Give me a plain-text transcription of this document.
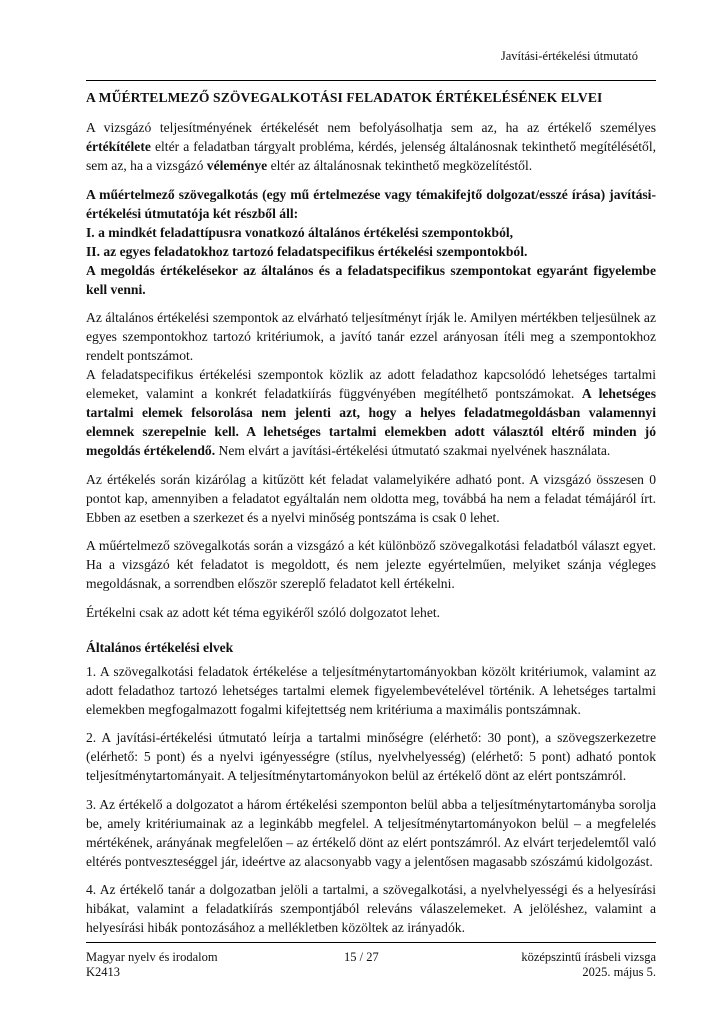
Javítási-értékelési útmutató
A MŰÉRTELMEZŐ SZÖVEGALKOTÁSI FELADATOK ÉRTÉKELÉSÉNEK ELVEI

A vizsgázó teljesítményének értékelését nem befolyásolhatja sem az, ha az értékelő személyes értékítélete eltér a feladatban tárgyalt probléma, kérdés, jelenség általánosnak tekinthető megítélésétől, sem az, ha a vizsgázó véleménye eltér az általánosnak tekinthető megközelítéstől.

A műértelmező szövegalkotás (egy mű értelmezése vagy témakifejtő dolgozat/esszé írása) javítási-értékelési útmutatója két részből áll:
I. a mindkét feladattípusra vonatkozó általános értékelési szempontokból,
II. az egyes feladatokhoz tartozó feladatspecifikus értékelési szempontokból.
A megoldás értékelésekor az általános és a feladatspecifikus szempontokat egyaránt figyelembe kell venni.

Az általános értékelési szempontok az elvárható teljesítményt írják le. Amilyen mértékben teljesülnek az egyes szempontokhoz tartozó kritériumok, a javító tanár ezzel arányosan ítéli meg a szempontokhoz rendelt pontszámot.

A feladatspecifikus értékelési szempontok közlik az adott feladathoz kapcsolódó lehetséges tartalmi elemeket, valamint a konkrét feladatkiírás függvényében megítélhető pontszámokat. A lehetséges tartalmi elemek felsorolása nem jelenti azt, hogy a helyes feladatmegoldásban valamennyi elemnek szerepelnie kell. A lehetséges tartalmi elemekben adott választól eltérő minden jó megoldás értékelendő. Nem elvárt a javítási-értékelési útmutató szakmai nyelvének használata.

Az értékelés során kizárólag a kitűzött két feladat valamelyikére adható pont. A vizsgázó összesen 0 pontot kap, amennyiben a feladatot egyáltalán nem oldotta meg, továbbá ha nem a feladat témájáról írt. Ebben az esetben a szerkezet és a nyelvi minőség pontszáma is csak 0 lehet.

A műértelmező szövegalkotás során a vizsgázó a két különböző szövegalkotási feladatból választ egyet. Ha a vizsgázó két feladatot is megoldott, és nem jelezte egyértelműen, melyiket szánja végleges megoldásnak, a sorrendben először szereplő feladatot kell értékelni.

Értékelni csak az adott két téma egyikéről szóló dolgozatot lehet.

Általános értékelési elvek

1. A szövegalkotási feladatok értékelése a teljesítménytartományokban közölt kritériumok, valamint az adott feladathoz tartozó lehetséges tartalmi elemek figyelembevételével történik. A lehetséges tartalmi elemekben megfogalmazott fogalmi kifejtettség nem kritériuma a maximális pontszámnak.

2. A javítási-értékelési útmutató leírja a tartalmi minőségre (elérhető: 30 pont), a szövegszerkezetre (elérhető: 5 pont) és a nyelvi igényességre (stílus, nyelvhelyesség) (elérhető: 5 pont) adható pontok teljesítménytartományait. A teljesítménytartományokon belül az értékelő dönt az elért pontszámról.

3. Az értékelő a dolgozatot a három értékelési szemponton belül abba a teljesítménytartományba sorolja be, amely kritériumainak az a leginkább megfelel. A teljesítménytartományokon belül – a megfelelés mértékének, arányának megfelelően – az értékelő dönt az elért pontszámról. Az elvárt terjedelemtől való eltérés pontveszteséggel jár, ideértve az alacsonyabb vagy a jelentősen magasabb szószámú kidolgozást.

4. Az értékelő tanár a dolgozatban jelöli a tartalmi, a szövegalkotási, a nyelvhelyességi és a helyesírási hibákat, valamint a feladatkiírás szempontjából releváns válaszelemeket. A jelöléshez, valamint a helyesírási hibák pontozásához a mellékletben közöltek az irányadók.

Magyar nyelv és irodalom	15 / 27	középszintű írásbeli vizsga
K2413	2025. május 5.
